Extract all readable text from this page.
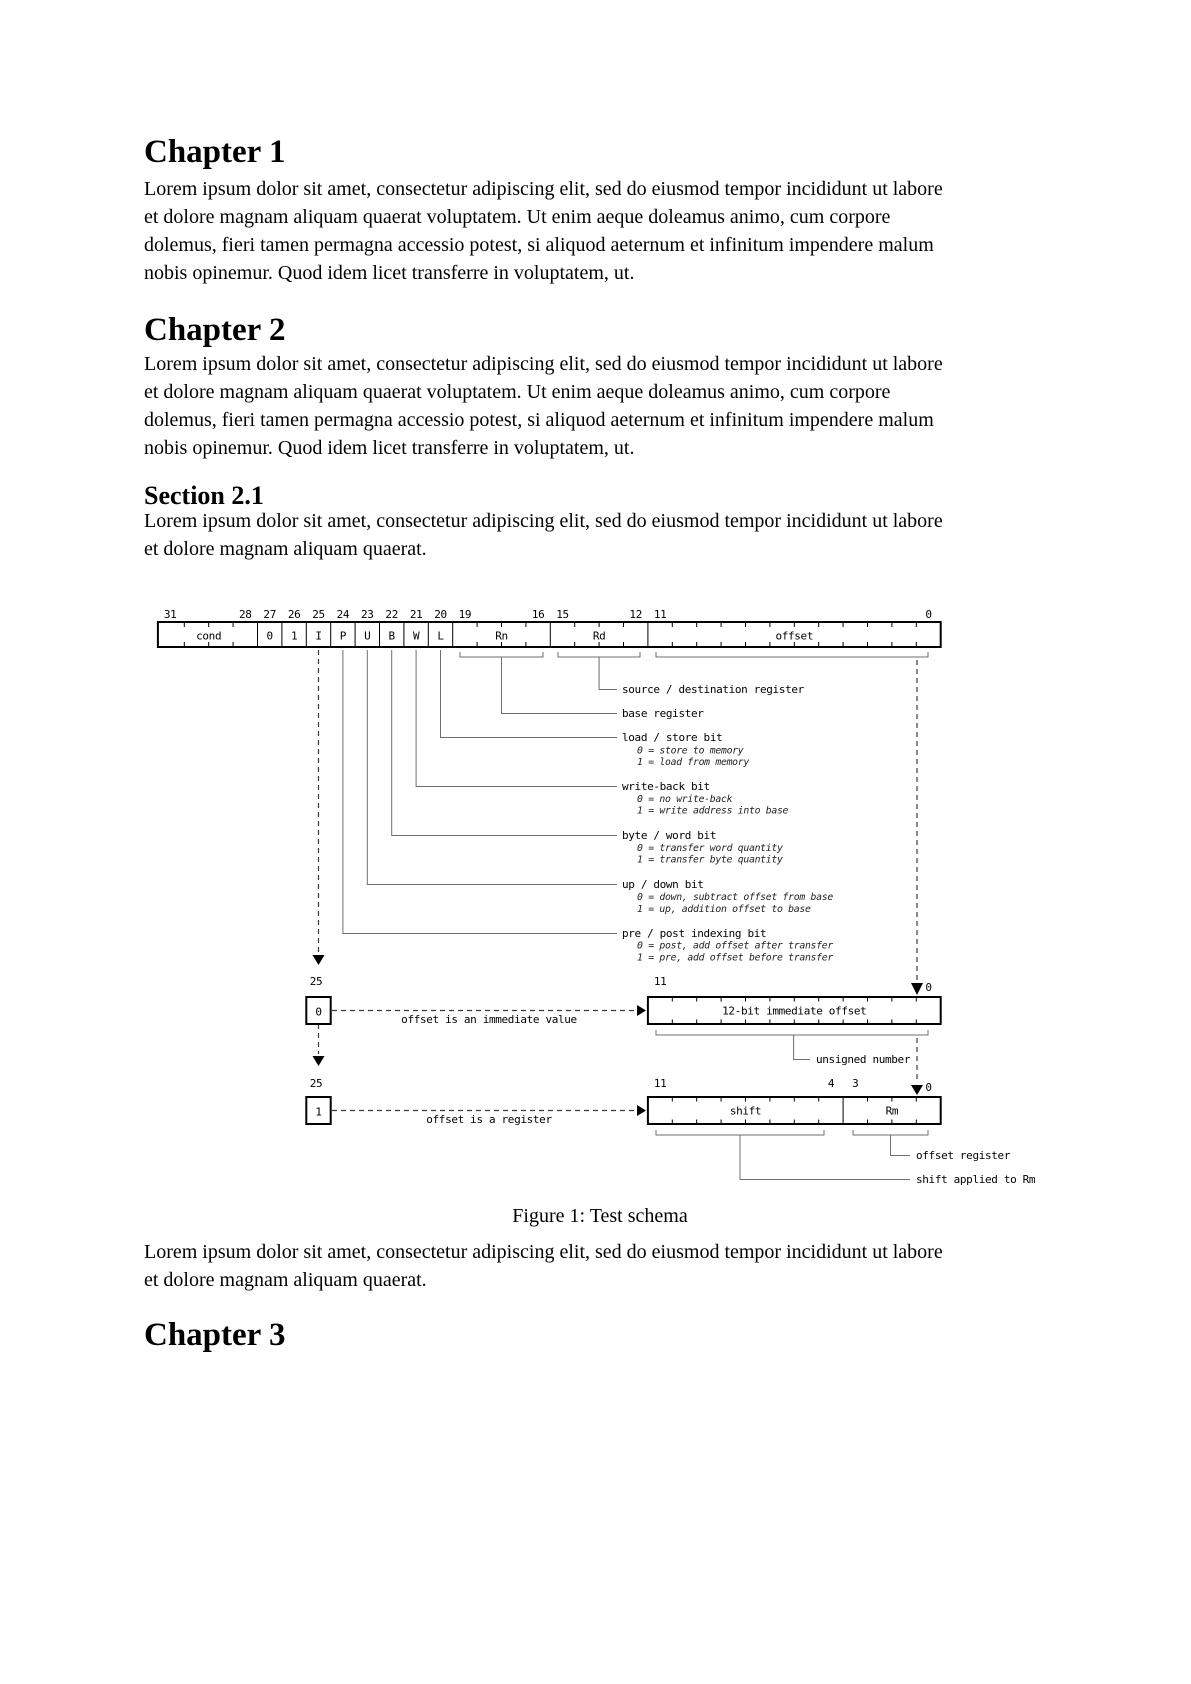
Chapter 1
Lorem ipsum dolor sit amet, consectetur adipiscing elit, sed do eiusmod tempor incididunt ut labore
et dolore magnam aliquam quaerat voluptatem. Ut enim aeque doleamus animo, cum corpore
dolemus, fieri tamen permagna accessio potest, si aliquod aeternum et infinitum impendere malum
nobis opinemur. Quod idem licet transferre in voluptatem, ut.
Chapter 2
Lorem ipsum dolor sit amet, consectetur adipiscing elit, sed do eiusmod tempor incididunt ut labore
et dolore magnam aliquam quaerat voluptatem. Ut enim aeque doleamus animo, cum corpore
dolemus, fieri tamen permagna accessio potest, si aliquod aeternum et infinitum impendere malum
nobis opinemur. Quod idem licet transferre in voluptatem, ut.
Section 2.1
Lorem ipsum dolor sit amet, consectetur adipiscing elit, sed do eiusmod tempor incididunt ut labore
et dolore magnam aliquam quaerat.
31	28 27 26 25 24 23 22 21 20 19	16 15	12 11	0
cond	0 1 I P U B W L	Rn	Rd	offset
source / destination register
base register
load / store bit
0 = store to memory
1 = load from memory
write-back bit
0 = no write-back
1 = write address into base
byte / word bit
0 = transfer word quantity
1 = transfer byte quantity
up / down bit
0 = down, subtract offset from base
1 = up, addition offset to base
pre / post indexing bit
0 = post, add offset after transfer
1 = pre, add offset before transfer
25
0
offset is an immediate value
11	0
12-bit immediate offset
unsigned number
25
1
offset is a register
11	4 3	0
shift	Rm
offset register
shift applied to Rm
Figure 1: Test schema
Lorem ipsum dolor sit amet, consectetur adipiscing elit, sed do eiusmod tempor incididunt ut labore
et dolore magnam aliquam quaerat.
Chapter 3
